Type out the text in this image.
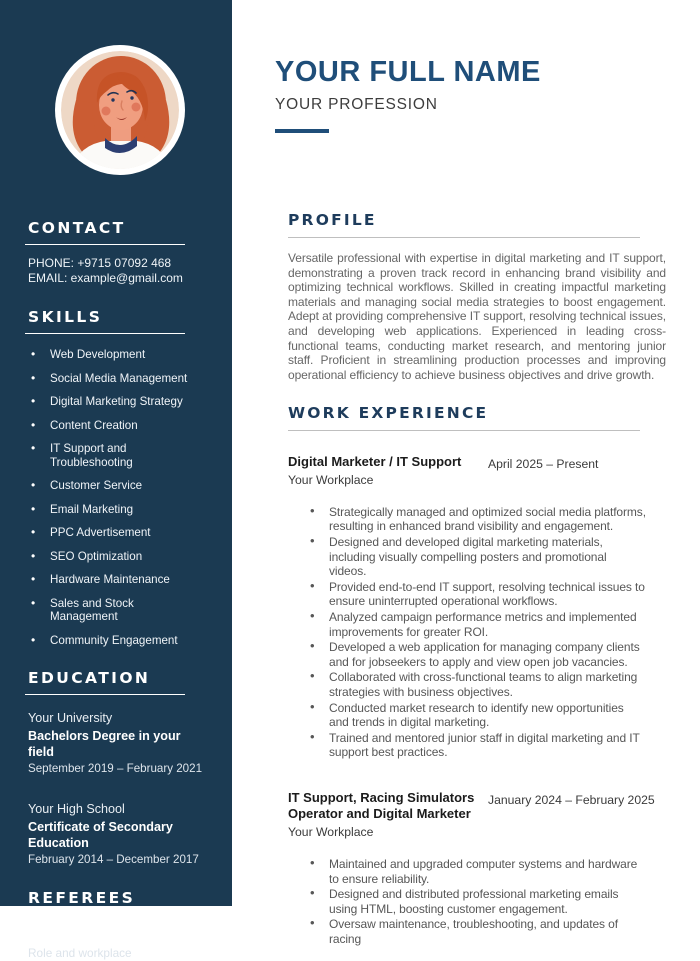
CONTACT
PHONE: +9715 07092 468
EMAIL: example@gmail.com
SKILLS
• Web Development
• Social Media Management
• Digital Marketing Strategy
• Content Creation
• IT Support and Troubleshooting
• Customer Service
• Email Marketing
• PPC Advertisement
• SEO Optimization
• Hardware Maintenance
• Sales and Stock Management
• Community Engagement
EDUCATION
Your University
Bachelors Degree in your field
September 2019 – February 2021
Your High School
Certificate of Secondary Education
February 2014 – December 2017
REFEREES
Referee Name
Role and workplace
YOUR FULL NAME
YOUR PROFESSION
PROFILE

Versatile professional with expertise in digital marketing and IT support, demonstrating a proven track record in enhancing brand visibility and optimizing technical workflows. Skilled in creating impactful marketing materials and managing social media strategies to boost engagement. Adept at providing comprehensive IT support, resolving technical issues, and developing web applications. Experienced in leading cross-functional teams, conducting market research, and mentoring junior staff. Proficient in streamlining production processes and improving operational efficiency to achieve business objectives and drive growth.

WORK EXPERIENCE
Digital Marketer / IT Support
Your Workplace
April 2025 – Present
• Strategically managed and optimized social media platforms, resulting in enhanced brand visibility and engagement.
• Designed and developed digital marketing materials, including visually compelling posters and promotional videos.
• Provided end-to-end IT support, resolving technical issues to ensure uninterrupted operational workflows.
• Analyzed campaign performance metrics and implemented improvements for greater ROI.
• Developed a web application for managing company clients and for jobseekers to apply and view open job vacancies.
• Collaborated with cross-functional teams to align marketing strategies with business objectives.
• Conducted market research to identify new opportunities and trends in digital marketing.
• Trained and mentored junior staff in digital marketing and IT support best practices.
IT Support, Racing Simulators Operator and Digital Marketer
Your Workplace
January 2024 – February 2025
• Maintained and upgraded computer systems and hardware to ensure reliability.
• Designed and distributed professional marketing emails using HTML, boosting customer engagement.
• Oversaw maintenance, troubleshooting, and updates of racing
